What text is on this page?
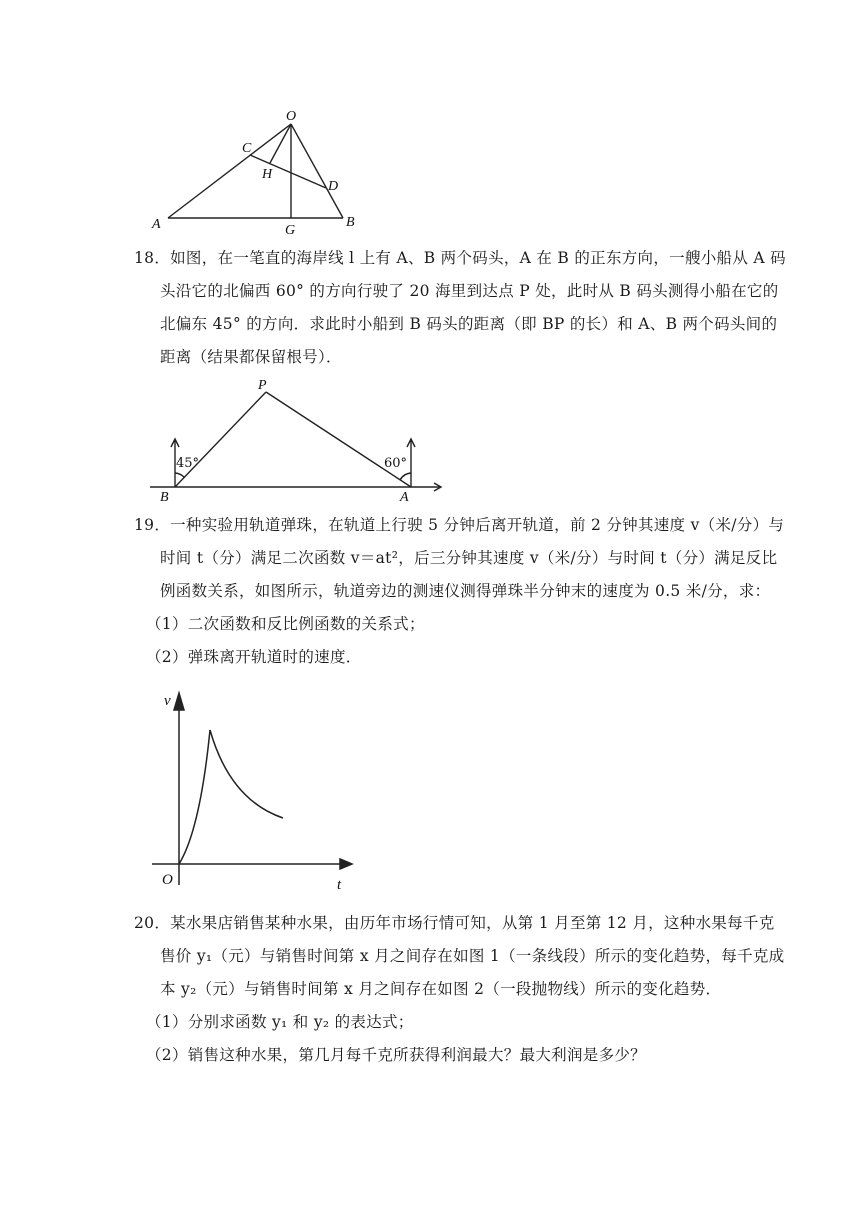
O
C
H
D
A	G
B
18．如图，在一笔直的海岸线 l 上有 A、B 两个码头，A 在 B 的正东方向，一艘小船从 A 码
头沿它的北偏西 60° 的方向行驶了 20 海里到达点 P 处，此时从 B 码头测得小船在它的
北偏东 45° 的方向．求此时小船到 B 码头的距离（即 BP 的长）和 A、B 两个码头间的
距离（结果都保留根号）．
P
B	A
45°	60°
19．一种实验用轨道弹珠，在轨道上行驶 5 分钟后离开轨道，前 2 分钟其速度 v（米/分）与
时间 t（分）满足二次函数 v＝at²，后三分钟其速度 v（米/分）与时间 t（分）满足反比
例函数关系，如图所示，轨道旁边的测速仪测得弹珠半分钟末的速度为 0.5 米/分，求：
（1）二次函数和反比例函数的关系式；
（2）弹珠离开轨道时的速度．
v
t
O
20．某水果店销售某种水果，由历年市场行情可知，从第 1 月至第 12 月，这种水果每千克
售价 y₁（元）与销售时间第 x 月之间存在如图 1（一条线段）所示的变化趋势，每千克成
本 y₂（元）与销售时间第 x 月之间存在如图 2（一段抛物线）所示的变化趋势．
（1）分别求函数 y₁ 和 y₂ 的表达式；
（2）销售这种水果，第几月每千克所获得利润最大？最大利润是多少？
